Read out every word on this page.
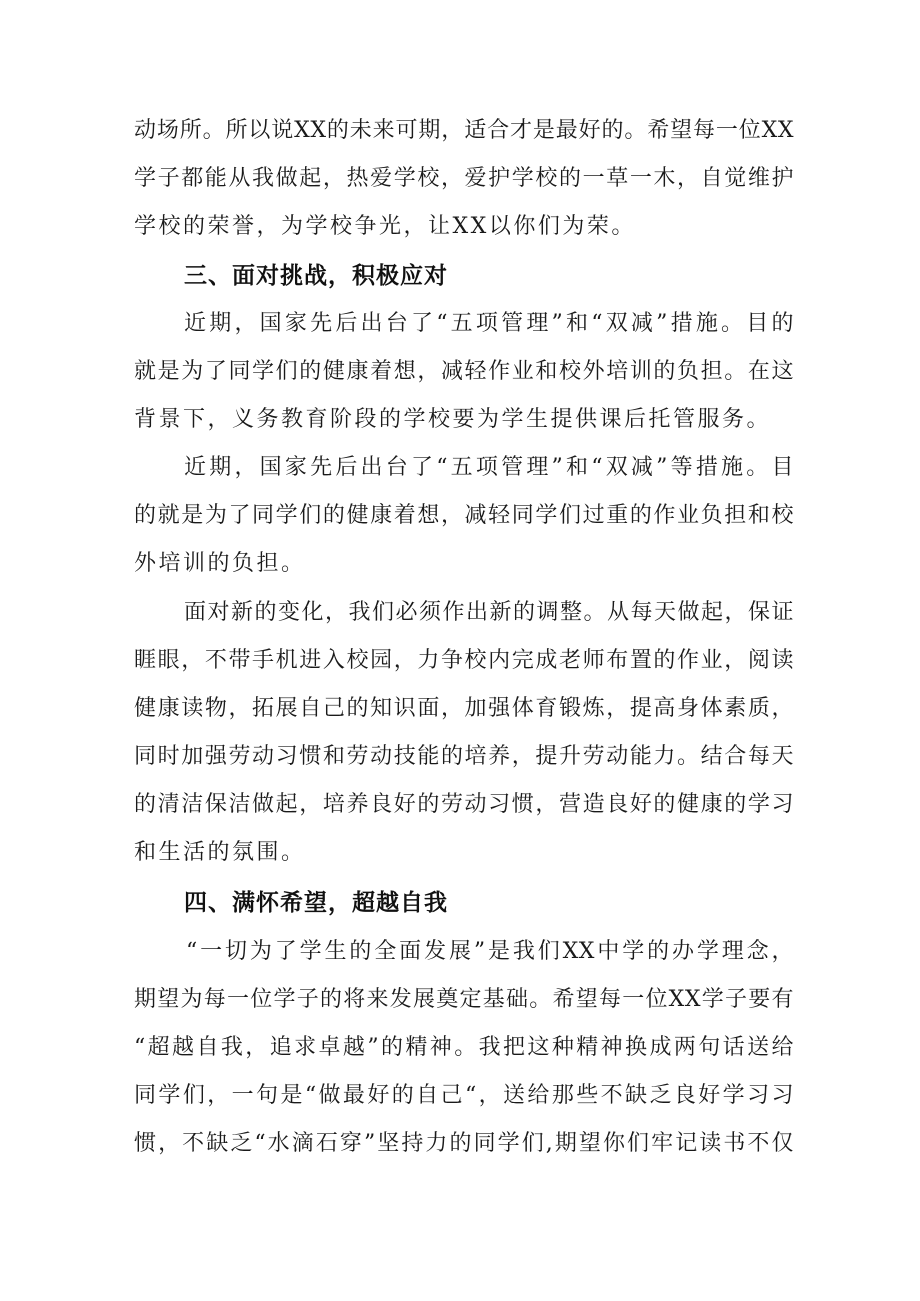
动场所。所以说XX的未来可期，适合才是最好的。希望每一位XX
学子都能从我做起，热爱学校，爱护学校的一草一木，自觉维护
学校的荣誉，为学校争光，让XX以你们为荣。
三、面对挑战，积极应对
近期，国家先后出台了“五项管理”和“双减”措施。目的
就是为了同学们的健康着想，减轻作业和校外培训的负担。在这
背景下，义务教育阶段的学校要为学生提供课后托管服务。
近期，国家先后出台了“五项管理”和“双减”等措施。目
的就是为了同学们的健康着想，减轻同学们过重的作业负担和校
外培训的负担。
面对新的变化，我们必须作出新的调整。从每天做起，保证
睚眼，不带手机进入校园，力争校内完成老师布置的作业，阅读
健康读物，拓展自己的知识面，加强体育锻炼，提高身体素质，
同时加强劳动习惯和劳动技能的培养，提升劳动能力。结合每天
的清洁保洁做起，培养良好的劳动习惯，营造良好的健康的学习
和生活的氛围。
四、满怀希望，超越自我
“一切为了学生的全面发展”是我们XX中学的办学理念，
期望为每一位学子的将来发展奠定基础。希望每一位XX学子要有
“超越自我，追求卓越”的精神。我把这种精神换成两句话送给
同学们，一句是“做最好的自己“，送给那些不缺乏良好学习习
惯，不缺乏“水滴石穿”坚持力的同学们,期望你们牢记读书不仅
